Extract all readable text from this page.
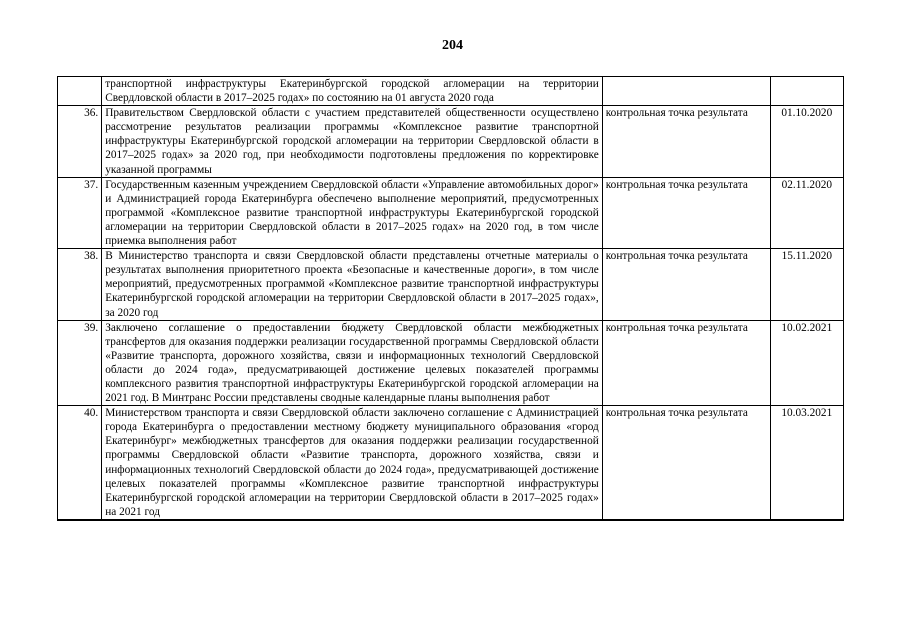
204

	транспортной инфраструктуры Екатеринбургской городской агломерации на территории Свердловской области в 2017–2025 годах» по состоянию на 01 августа 2020 года		

36.	Правительством Свердловской области с участием представителей общественности осуществлено рассмотрение результатов реализации программы «Комплексное развитие транспортной инфраструктуры Екатеринбургской городской агломерации на территории Свердловской области в 2017–2025 годах» за 2020 год, при необходимости подготовлены предложения по корректировке указанной программы	контрольная точка результата	01.10.2020
37.	Государственным казенным учреждением Свердловской области «Управление автомобильных дорог» и Администрацией города Екатеринбурга обеспечено выполнение мероприятий, предусмотренных программой «Комплексное развитие транспортной инфраструктуры Екатеринбургской городской агломерации на территории Свердловской области в 2017–2025 годах» на 2020 год, в том числе приемка выполнения работ	контрольная точка результата	02.11.2020
38.	В Министерство транспорта и связи Свердловской области представлены отчетные материалы о результатах выполнения приоритетного проекта «Безопасные и качественные дороги», в том числе мероприятий, предусмотренных программой «Комплексное развитие транспортной инфраструктуры Екатеринбургской городской агломерации на территории Свердловской области в 2017–2025 годах», за 2020 год	контрольная точка результата	15.11.2020
39.	Заключено соглашение о предоставлении бюджету Свердловской области межбюджетных трансфертов для оказания поддержки реализации государственной программы Свердловской области «Развитие транспорта, дорожного хозяйства, связи и информационных технологий Свердловской области до 2024 года», предусматривающей достижение целевых показателей программы комплексного развития транспортной инфраструктуры Екатеринбургской городской агломерации на 2021 год. В Минтранс России представлены сводные календарные планы выполнения работ	контрольная точка результата	10.02.2021
40.	Министерством транспорта и связи Свердловской области заключено соглашение с Администрацией города Екатеринбурга о предоставлении местному бюджету муниципального образования «город Екатеринбург» межбюджетных трансфертов для оказания поддержки реализации государственной программы Свердловской области «Развитие транспорта, дорожного хозяйства, связи и информационных технологий Свердловской области до 2024 года», предусматривающей достижение целевых показателей программы «Комплексное развитие транспортной инфраструктуры Екатеринбургской городской агломерации на территории Свердловской области в 2017–2025 годах» на 2021 год	контрольная точка результата	10.03.2021
